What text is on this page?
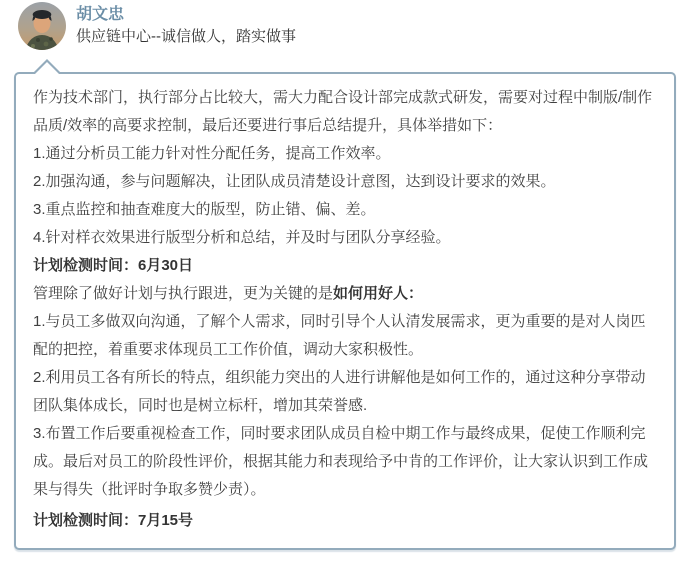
胡文忠
供应链中心--诚信做人，踏实做事

作为技术部门，执行部分占比较大，需大力配合设计部完成款式研发，需要对过程中制版/制作品质/效率的高要求控制，最后还要进行事后总结提升，具体举措如下：

1.通过分析员工能力针对性分配任务，提高工作效率。

2.加强沟通，参与问题解决，让团队成员清楚设计意图，达到设计要求的效果。

3.重点监控和抽查难度大的版型，防止错、偏、差。

4.针对样衣效果进行版型分析和总结，并及时与团队分享经验。

计划检测时间：6月30日

管理除了做好计划与执行跟进，更为关键的是如何用好人：

1.与员工多做双向沟通，了解个人需求，同时引导个人认清发展需求，更为重要的是对人岗匹配的把控，着重要求体现员工工作价值，调动大家积极性。

2.利用员工各有所长的特点，组织能力突出的人进行讲解他是如何工作的，通过这种分享带动团队集体成长，同时也是树立标杆，增加其荣誉感.

3.布置工作后要重视检查工作，同时要求团队成员自检中期工作与最终成果，促使工作顺利完成。最后对员工的阶段性评价，根据其能力和表现给予中肯的工作评价，让大家认识到工作成果与得失（批评时争取多赞少责）。

计划检测时间：7月15号
